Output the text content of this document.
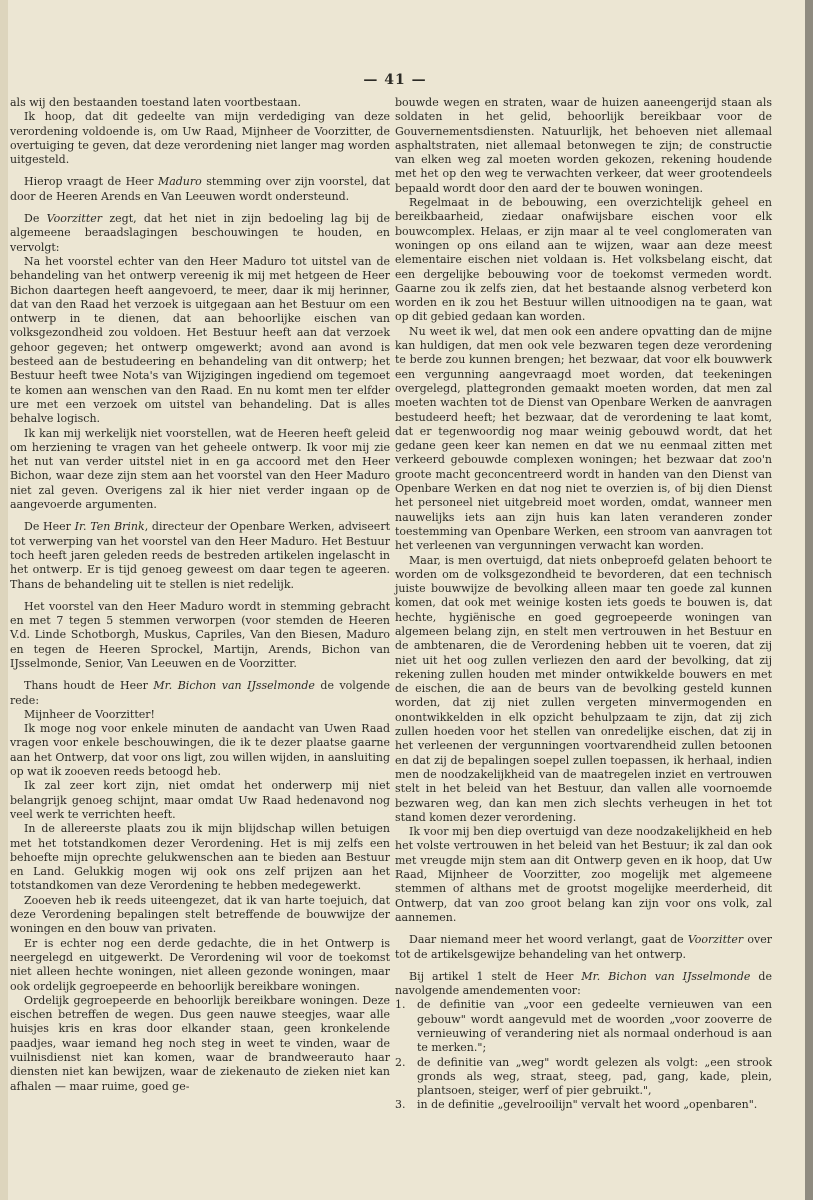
— 41 —

als wij den bestaanden toestand laten voortbestaan.

Ik hoop, dat dit gedeelte van mijn verdediging van deze verordening voldoende is, om Uw Raad, Mijnheer de Voorzitter, de overtuiging te geven, dat deze verordening niet langer mag worden uitgesteld.

Hierop vraagt de Heer Maduro stemming over zijn voorstel, dat door de Heeren Arends en Van Leeuwen wordt ondersteund.

De Voorzitter zegt, dat het niet in zijn bedoeling lag bij de algemeene beraadslagingen beschouwingen te houden, en vervolgt:

Na het voorstel echter van den Heer Maduro tot uitstel van de behandeling van het ontwerp vereenig ik mij met hetgeen de Heer Bichon daartegen heeft aangevoerd, te meer, daar ik mij herinner, dat van den Raad het verzoek is uitgegaan aan het Bestuur om een ontwerp in te dienen, dat aan behoorlijke eischen van volksgezondheid zou voldoen. Het Bestuur heeft aan dat verzoek gehoor gegeven; het ontwerp omgewerkt; avond aan avond is besteed aan de bestudeering en behandeling van dit ontwerp; het Bestuur heeft twee Nota's van Wijzigingen ingediend om tegemoet te komen aan wenschen van den Raad. En nu komt men ter elfder ure met een verzoek om uitstel van behandeling. Dat is alles behalve logisch.

Ik kan mij werkelijk niet voorstellen, wat de Heeren heeft geleid om herziening te vragen van het geheele ontwerp. Ik voor mij zie het nut van verder uitstel niet in en ga accoord met den Heer Bichon, waar deze zijn stem aan het voorstel van den Heer Maduro niet zal geven. Overigens zal ik hier niet verder ingaan op de aangevoerde argumenten.

De Heer Ir. Ten Brink, directeur der Openbare Werken, adviseert tot verwerping van het voorstel van den Heer Maduro. Het Bestuur toch heeft jaren geleden reeds de bestreden artikelen ingelascht in het ontwerp. Er is tijd genoeg geweest om daar tegen te ageeren. Thans de behandeling uit te stellen is niet redelijk.

Het voorstel van den Heer Maduro wordt in stemming gebracht en met 7 tegen 5 stemmen verworpen (voor stemden de Heeren V.d. Linde Schotborgh, Muskus, Capriles, Van den Biesen, Maduro en tegen de Heeren Sprockel, Martijn, Arends, Bichon van IJsselmonde, Senior, Van Leeuwen en de Voorzitter.

Thans houdt de Heer Mr. Bichon van IJsselmonde de volgende rede:

Mijnheer de Voorzitter!

Ik moge nog voor enkele minuten de aandacht van Uwen Raad vragen voor enkele beschouwingen, die ik te dezer plaatse gaarne aan het Ontwerp, dat voor ons ligt, zou willen wijden, in aansluiting op wat ik zooeven reeds betoogd heb.

Ik zal zeer kort zijn, niet omdat het onderwerp mij niet belangrijk genoeg schijnt, maar omdat Uw Raad hedenavond nog veel werk te verrichten heeft.

In de allereerste plaats zou ik mijn blijdschap willen betuigen met het totstandkomen dezer Verordening. Het is mij zelfs een behoefte mijn oprechte gelukwenschen aan te bieden aan Bestuur en Land. Gelukkig mogen wij ook ons zelf prijzen aan het totstandkomen van deze Verordening te hebben medegewerkt.

Zooeven heb ik reeds uiteengezet, dat ik van harte toejuich, dat deze Verordening bepalingen stelt betreffende de bouwwijze der woningen en den bouw van privaten.

Er is echter nog een derde gedachte, die in het Ontwerp is neergelegd en uitgewerkt. De Verordening wil voor de toekomst niet alleen hechte woningen, niet alleen gezonde woningen, maar ook ordelijk gegroepeerde en behoorlijk bereikbare woningen.

Ordelijk gegroepeerde en behoorlijk bereikbare woningen. Deze eischen betreffen de wegen. Dus geen nauwe steegjes, waar alle huisjes kris en kras door elkander staan, geen kronkelende paadjes, waar iemand heg noch steg in weet te vinden, waar de vuilnisdienst niet kan komen, waar de brandweerauto haar diensten niet kan bewijzen, waar de ziekenauto de zieken niet kan afhalen — maar ruime, goed ge-

bouwde wegen en straten, waar de huizen aaneengerijd staan als soldaten in het gelid, behoorlijk bereikbaar voor de Gouvernementsdiensten. Natuurlijk, het behoeven niet allemaal asphaltstraten, niet allemaal betonwegen te zijn; de constructie van elken weg zal moeten worden gekozen, rekening houdende met het op den weg te verwachten verkeer, dat weer grootendeels bepaald wordt door den aard der te bouwen woningen.

Regelmaat in de bebouwing, een overzichtelijk geheel en bereikbaarheid, ziedaar onafwijsbare eischen voor elk bouwcomplex. Helaas, er zijn maar al te veel conglomeraten van woningen op ons eiland aan te wijzen, waar aan deze meest elementaire eischen niet voldaan is. Het volksbelang eischt, dat een dergelijke bebouwing voor de toekomst vermeden wordt. Gaarne zou ik zelfs zien, dat het bestaande alsnog verbeterd kon worden en ik zou het Bestuur willen uitnoodigen na te gaan, wat op dit gebied gedaan kan worden.

Nu weet ik wel, dat men ook een andere opvatting dan de mijne kan huldigen, dat men ook vele bezwaren tegen deze verordening te berde zou kunnen brengen; het bezwaar, dat voor elk bouwwerk een vergunning aangevraagd moet worden, dat teekeningen overgelegd, plattegronden gemaakt moeten worden, dat men zal moeten wachten tot de Dienst van Openbare Werken de aanvragen bestudeerd heeft; het bezwaar, dat de verordening te laat komt, dat er tegenwoordig nog maar weinig gebouwd wordt, dat het gedane geen keer kan nemen en dat we nu eenmaal zitten met verkeerd gebouwde complexen woningen; het bezwaar dat zoo'n groote macht geconcentreerd wordt in handen van den Dienst van Openbare Werken en dat nog niet te overzien is, of bij dien Dienst het personeel niet uitgebreid moet worden, omdat, wanneer men nauwelijks iets aan zijn huis kan laten veranderen zonder toestemming van Openbare Werken, een stroom van aanvragen tot het verleenen van vergunningen verwacht kan worden.

Maar, is men overtuigd, dat niets onbeproefd gelaten behoort te worden om de volksgezondheid te bevorderen, dat een technisch juiste bouwwijze de bevolking alleen maar ten goede zal kunnen komen, dat ook met weinige kosten iets goeds te bouwen is, dat hechte, hygiënische en goed gegroepeerde woningen van algemeen belang zijn, en stelt men vertrouwen in het Bestuur en de ambtenaren, die de Verordening hebben uit te voeren, dat zij niet uit het oog zullen verliezen den aard der bevolking, dat zij rekening zullen houden met minder ontwikkelde bouwers en met de eischen, die aan de beurs van de bevolking gesteld kunnen worden, dat zij niet zullen vergeten minvermogenden en onontwikkelden in elk opzicht behulpzaam te zijn, dat zij zich zullen hoeden voor het stellen van onredelijke eischen, dat zij in het verleenen der vergunningen voortvarendheid zullen betoonen en dat zij de bepalingen soepel zullen toepassen, ik herhaal, indien men de noodzakelijkheid van de maatregelen inziet en vertrouwen stelt in het beleid van het Bestuur, dan vallen alle voornoemde bezwaren weg, dan kan men zich slechts verheugen in het tot stand komen dezer verordening.

Ik voor mij ben diep overtuigd van deze noodzakelijkheid en heb het volste vertrouwen in het beleid van het Bestuur; ik zal dan ook met vreugde mijn stem aan dit Ontwerp geven en ik hoop, dat Uw Raad, Mijnheer de Voorzitter, zoo mogelijk met algemeene stemmen of althans met de grootst mogelijke meerderheid, dit Ontwerp, dat van zoo groot belang kan zijn voor ons volk, zal aannemen.

Daar niemand meer het woord verlangt, gaat de Voorzitter over tot de artikelsgewijze behandeling van het ontwerp.

Bij artikel 1 stelt de Heer Mr. Bichon van IJsselmonde de navolgende amendementen voor:

1.	de definitie van „voor een gedeelte vernieuwen van een gebouw" wordt aangevuld met de woorden „voor zooverre de vernieuwing of verandering niet als normaal onderhoud is aan te merken.";
2.	de definitie van „weg" wordt gelezen als volgt: „een strook gronds als weg, straat, steeg, pad, gang, kade, plein, plantsoen, steiger, werf of pier gebruikt.",
3.	in de definitie „gevelrooilijn" vervalt het woord „openbaren".
